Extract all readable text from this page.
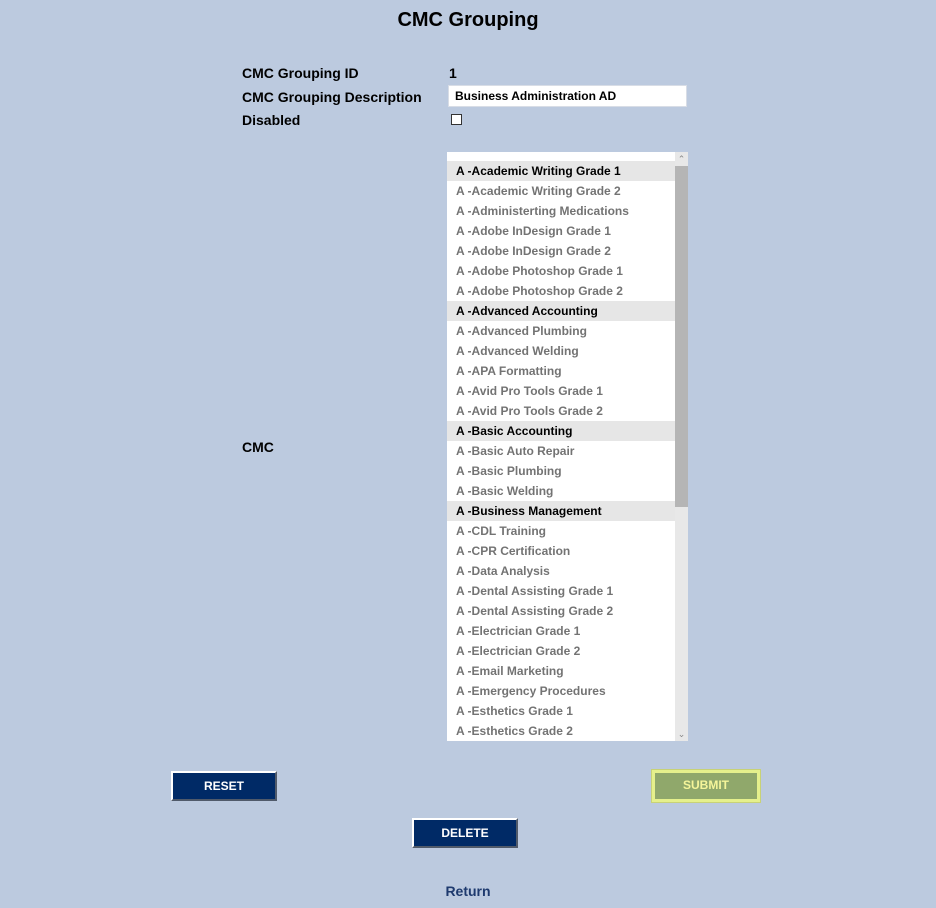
CMC Grouping
CMC Grouping ID	1
CMC Grouping Description
Business Administration AD
Disabled
CMC
A -Academic Writing Grade 1
A -Academic Writing Grade 2
A -Administerting Medications
A -Adobe InDesign Grade 1
A -Adobe InDesign Grade 2
A -Adobe Photoshop Grade 1
A -Adobe Photoshop Grade 2
A -Advanced Accounting
A -Advanced Plumbing
A -Advanced Welding
A -APA Formatting
A -Avid Pro Tools Grade 1
A -Avid Pro Tools Grade 2
A -Basic Accounting
A -Basic Auto Repair
A -Basic Plumbing
A -Basic Welding
A -Business Management
A -CDL Training
A -CPR Certification
A -Data Analysis
A -Dental Assisting Grade 1
A -Dental Assisting Grade 2
A -Electrician Grade 1
A -Electrician Grade 2
A -Email Marketing
A -Emergency Procedures
A -Esthetics Grade 1
A -Esthetics Grade 2
⌃
⌄
RESET	SUBMIT
DELETE
Return
